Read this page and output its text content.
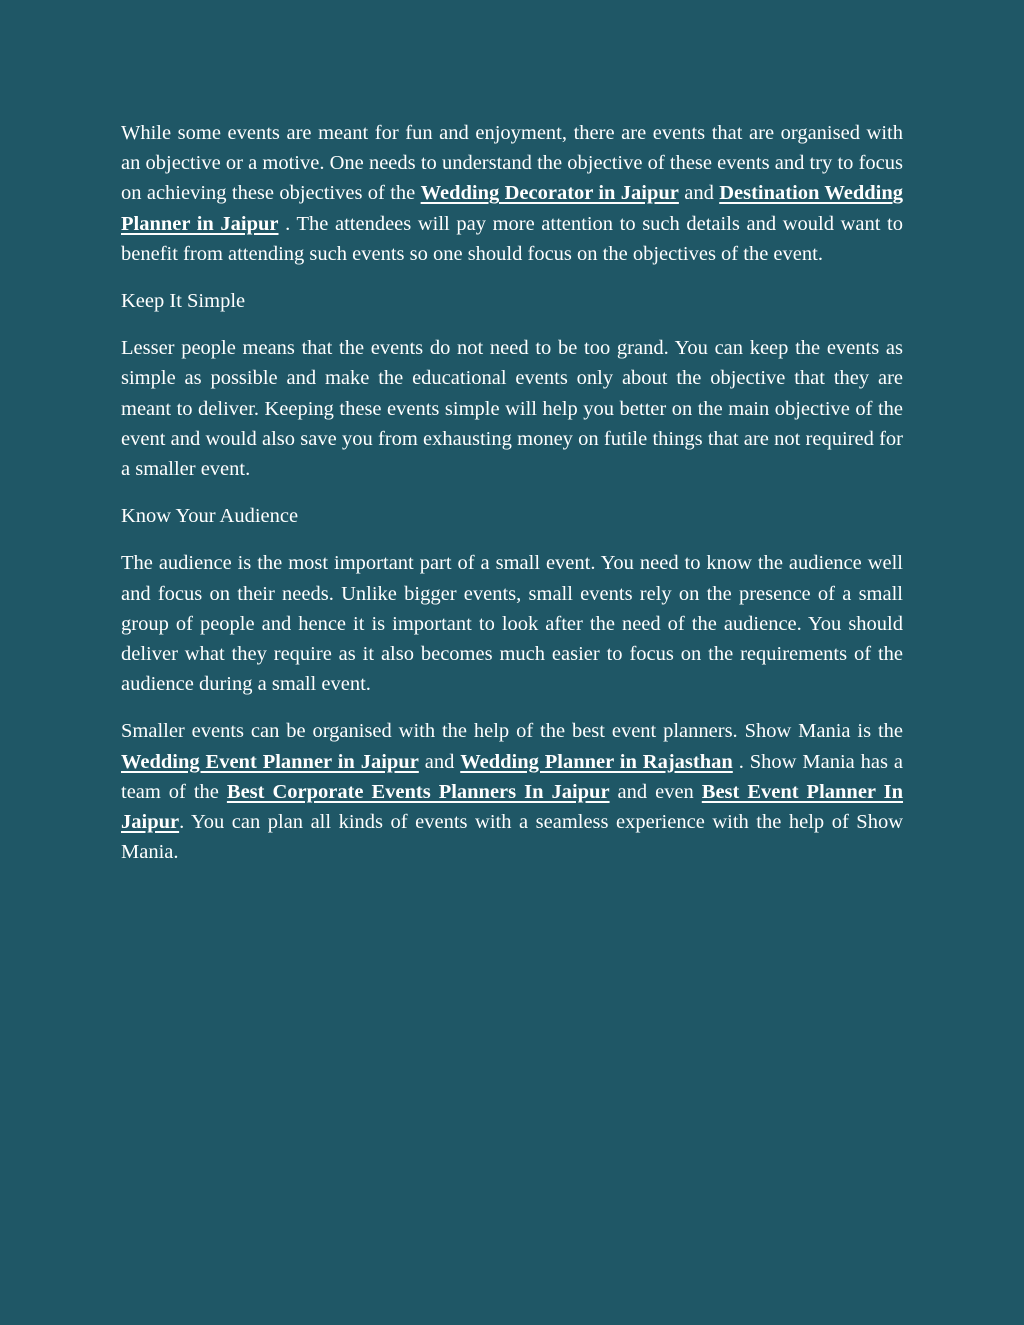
While some events are meant for fun and enjoyment, there are events that are organised with an objective or a motive. One needs to understand the objective of these events and try to focus on achieving these objectives of the Wedding Decorator in Jaipur and Destination Wedding Planner in Jaipur . The attendees will pay more attention to such details and would want to benefit from attending such events so one should focus on the objectives of the event.

Keep It Simple

Lesser people means that the events do not need to be too grand. You can keep the events as simple as possible and make the educational events only about the objective that they are meant to deliver. Keeping these events simple will help you better on the main objective of the event and would also save you from exhausting money on futile things that are not required for a smaller event.

Know Your Audience

The audience is the most important part of a small event. You need to know the audience well and focus on their needs. Unlike bigger events, small events rely on the presence of a small group of people and hence it is important to look after the need of the audience. You should deliver what they require as it also becomes much easier to focus on the requirements of the audience during a small event.

Smaller events can be organised with the help of the best event planners. Show Mania is the Wedding Event Planner in Jaipur and Wedding Planner in Rajasthan . Show Mania has a team of the Best Corporate Events Planners In Jaipur and even Best Event Planner In Jaipur. You can plan all kinds of events with a seamless experience with the help of Show Mania.
